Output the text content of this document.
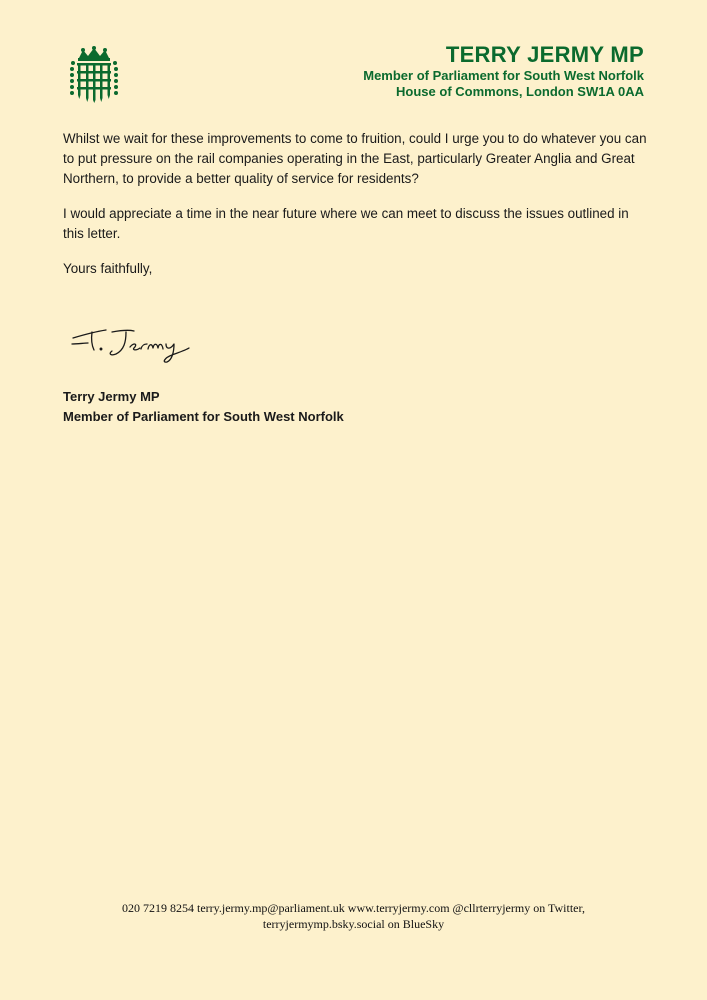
TERRY JERMY MP
Member of Parliament for South West Norfolk
House of Commons, London SW1A 0AA

Whilst we wait for these improvements to come to fruition, could I urge you to do whatever you can to put pressure on the rail companies operating in the East, particularly Greater Anglia and Great Northern, to provide a better quality of service for residents?

I would appreciate a time in the near future where we can meet to discuss the issues outlined in this letter.

Yours faithfully,

Terry Jermy MP
Member of Parliament for South West Norfolk
020 7219 8254 terry.jermy.mp@parliament.uk www.terryjermy.com @cllrterryjermy on Twitter,
terryjermymp.bsky.social on BlueSky
